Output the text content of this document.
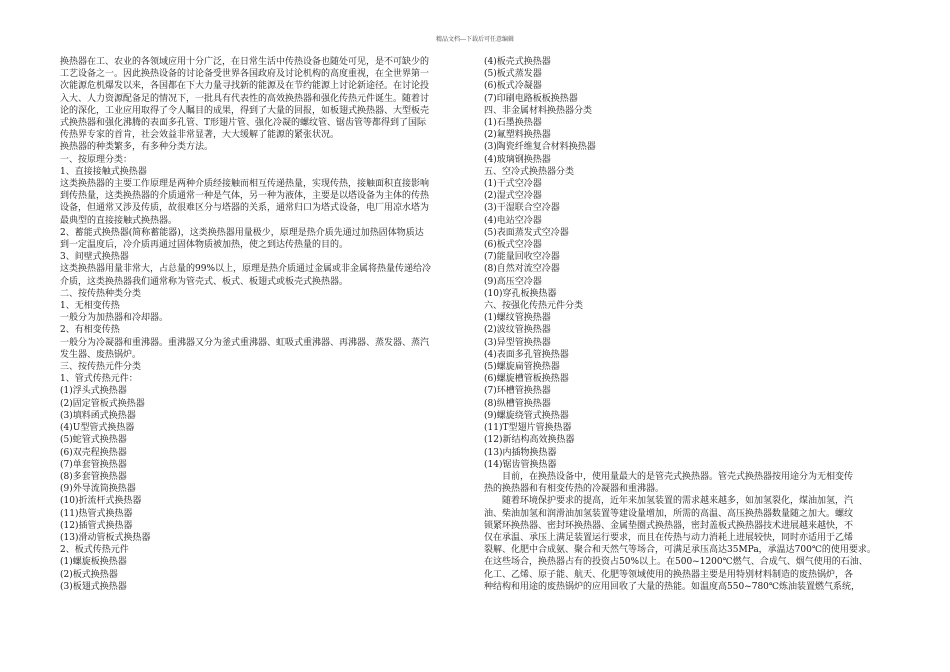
精品文档---下载后可任意编辑
换热器在工、农业的各领域应用十分广泛，在日常生活中传热设备也随处可见，是不可缺少的
工艺设备之一。因此换热设备的讨论备受世界各国政府及讨论机构的高度重视，在全世界第一
次能源危机爆发以来，各国都在下大力量寻找新的能源及在节约能源上讨论新途径。在讨论投
入大、人力资源配备足的情况下，一批具有代表性的高效换热器和强化传热元件诞生。随着讨
论的深化，工业应用取得了令人瞩目的成果，得到了大量的回报，如板翅式换热器、大型板壳
式换热器和强化沸腾的表面多孔管、T形翅片管、强化冷凝的螺纹管、锯齿管等都得到了国际
传热界专家的首肯，社会效益非常显著，大大缓解了能源的紧张状况。
换热器的种类繁多，有多种分类方法。
一、按原理分类：
1、直接接触式换热器
这类换热器的主要工作原理是两种介质经接触而相互传递热量，实现传热，接触面积直接影响
到传热量，这类换热器的介质通常一种是气体，另一种为液体，主要是以塔设备为主体的传热
设备，但通常又涉及传质，故很难区分与塔器的关系，通常归口为塔式设备，电厂用凉水塔为
最典型的直接接触式换热器。
2、蓄能式换热器(简称蓄能器)，这类换热器用量极少，原理是热介质先通过加热固体物质达
到一定温度后，冷介质再通过固体物质被加热，使之到达传热量的目的。
3、间壁式换热器
这类换热器用量非常大，占总量的99%以上，原理是热介质通过金属或非金属将热量传递给冷
介质，这类换热器我们通常称为管壳式、板式、板翅式或板壳式换热器。
二、按传热种类分类
1、无相变传热
一般分为加热器和冷却器。
2、有相变传热
一般分为冷凝器和重沸器。重沸器又分为釜式重沸器、虹吸式重沸器、再沸器、蒸发器、蒸汽
发生器、废热锅炉。
三、按传热元件分类
1、管式传热元件：
(1)浮头式换热器
(2)固定管板式换热器
(3)填料函式换热器
(4)U型管式换热器
(5)蛇管式换热器
(6)双壳程换热器
(7)单套管换热器
(8)多套管换热器
(9)外导流筒换热器
(10)折流杆式换热器
(11)热管式换热器
(12)插管式换热器
(13)滑动管板式换热器
2、板式传热元件
(1)螺旋板换热器
(2)板式换热器
(3)板翅式换热器
(4)板壳式换热器
(5)板式蒸发器
(6)板式冷凝器
(7)印刷电路板板换热器
四、非金属材料换热器分类
(1)石墨换热器
(2)氟塑料换热器
(3)陶瓷纤维复合材料换热器
(4)玻璃钢换热器
五、空冷式换热器分类
(1)干式空冷器
(2)湿式空冷器
(3)干湿联合空冷器
(4)电站空冷器
(5)表面蒸发式空冷器
(6)板式空冷器
(7)能量回收空冷器
(8)自然对流空冷器
(9)高压空冷器
(10)穿孔板换热器
六、按强化传热元件分类
(1)螺纹管换热器
(2)波纹管换热器
(3)异型管换热器
(4)表面多孔管换热器
(5)螺旋扁管换热器
(6)螺旋槽管板换热器
(7)环槽管换热器
(8)纵槽管换热器
(9)螺旋绕管式换热器
(11)T型翅片管换热器
(12)新结构高效换热器
(13)内插物换热器
(14)锯齿管换热器
目前，在换热设备中，使用量最大的是管壳式换热器。管壳式换热器按用途分为无相变传
热的换热器和有相变传热的冷凝器和重沸器。
随着环境保护要求的提高，近年来加氢装置的需求越来越多，如加氢裂化，煤油加氢，汽
油、柴油加氢和润滑油加氢装置等建设量增加，所需的高温、高压换热器数量随之加大。螺纹
锁紧环换热器、密封环换热器、金属垫圈式换热器，密封盖板式换热器技术进展越来越快，不
仅在承温、承压上满足装置运行要求，而且在传热与动力消耗上进展较快，同时亦适用于乙烯
裂解、化肥中合成氨、聚合和天然气等场合，可满足承压高达35MPa，承温达700℃的使用要求。
在这些场合，换热器占有的投资占50%以上。在500~1200℃燃气、合成气、烟气使用的石油、
化工、乙烯、原子能、航天、化肥等领域使用的换热器主要是用特别材料制造的废热锅炉，各
种结构和用途的废热锅炉的应用回收了大量的热能。如温度高550~780℃炼油装置燃气系统，
